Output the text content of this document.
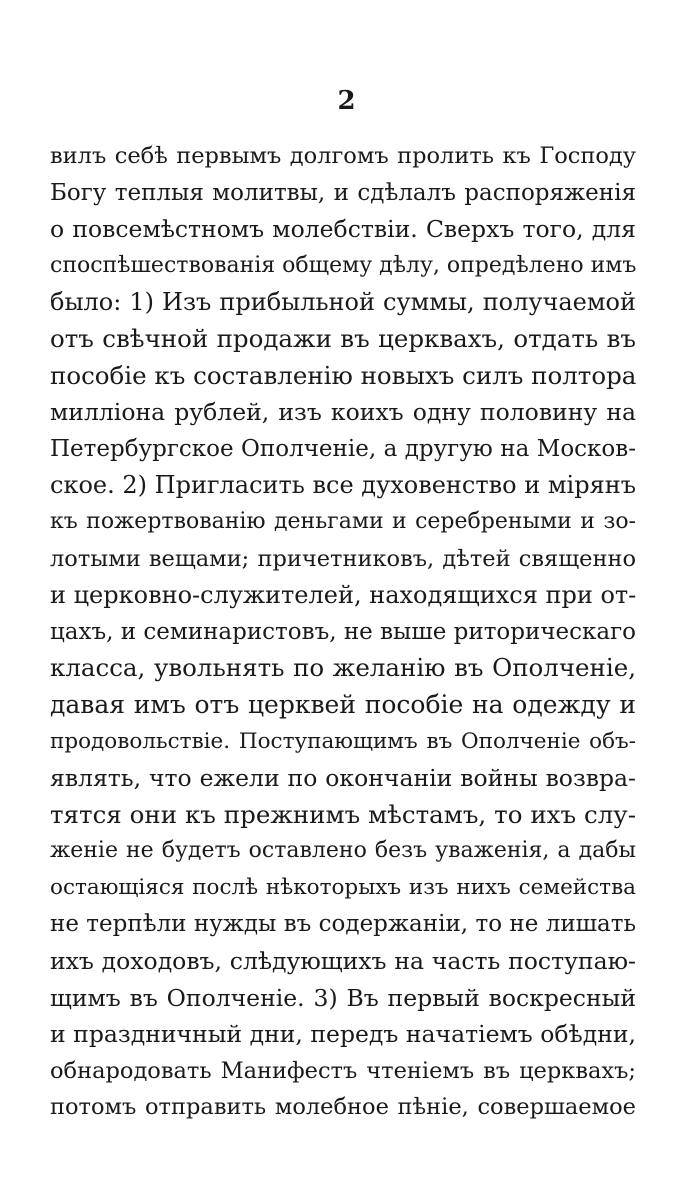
2
вилъ себѣ первымъ долгомъ пролить къ Господу
Богу теплыя молитвы, и сдѣлалъ распоряженія
о повсемѣстномъ молебствіи. Сверхъ того, для
споспѣшествованія общему дѣлу, опредѣлено имъ
было: 1) Изъ прибыльной суммы, получаемой
отъ свѣчной продажи въ церквахъ, отдать въ
пособіе къ составленію новыхъ силъ полтора
милліона рублей, изъ коихъ одну половину на
Петербургское Ополченіе, а другую на Москов-
ское. 2) Пригласить все духовенство и мірянъ
къ пожертвованію деньгами и серебреными и зо-
лотыми вещами; причетниковъ, дѣтей священно
и церковно-служителей, находящихся при от-
цахъ, и семинаристовъ, не выше риторическаго
класса, увольнять по желанію въ Ополченіе,
давая имъ отъ церквей пособіе на одежду и
продовольствіе. Поступающимъ въ Ополченіе объ-
являть, что ежели по окончаніи войны возвра-
тятся они къ прежнимъ мѣстамъ, то ихъ слу-
женіе не будетъ оставлено безъ уваженія, а дабы
остающіяся послѣ нѣкоторыхъ изъ нихъ семейства
не терпѣли нужды въ содержаніи, то не лишать
ихъ доходовъ, слѣдующихъ на часть поступаю-
щимъ въ Ополченіе. 3) Въ первый воскресный
и праздничный дни, передъ начатіемъ обѣдни,
обнародовать Манифестъ чтеніемъ въ церквахъ;
потомъ отправить молебное пѣніе, совершаемое
